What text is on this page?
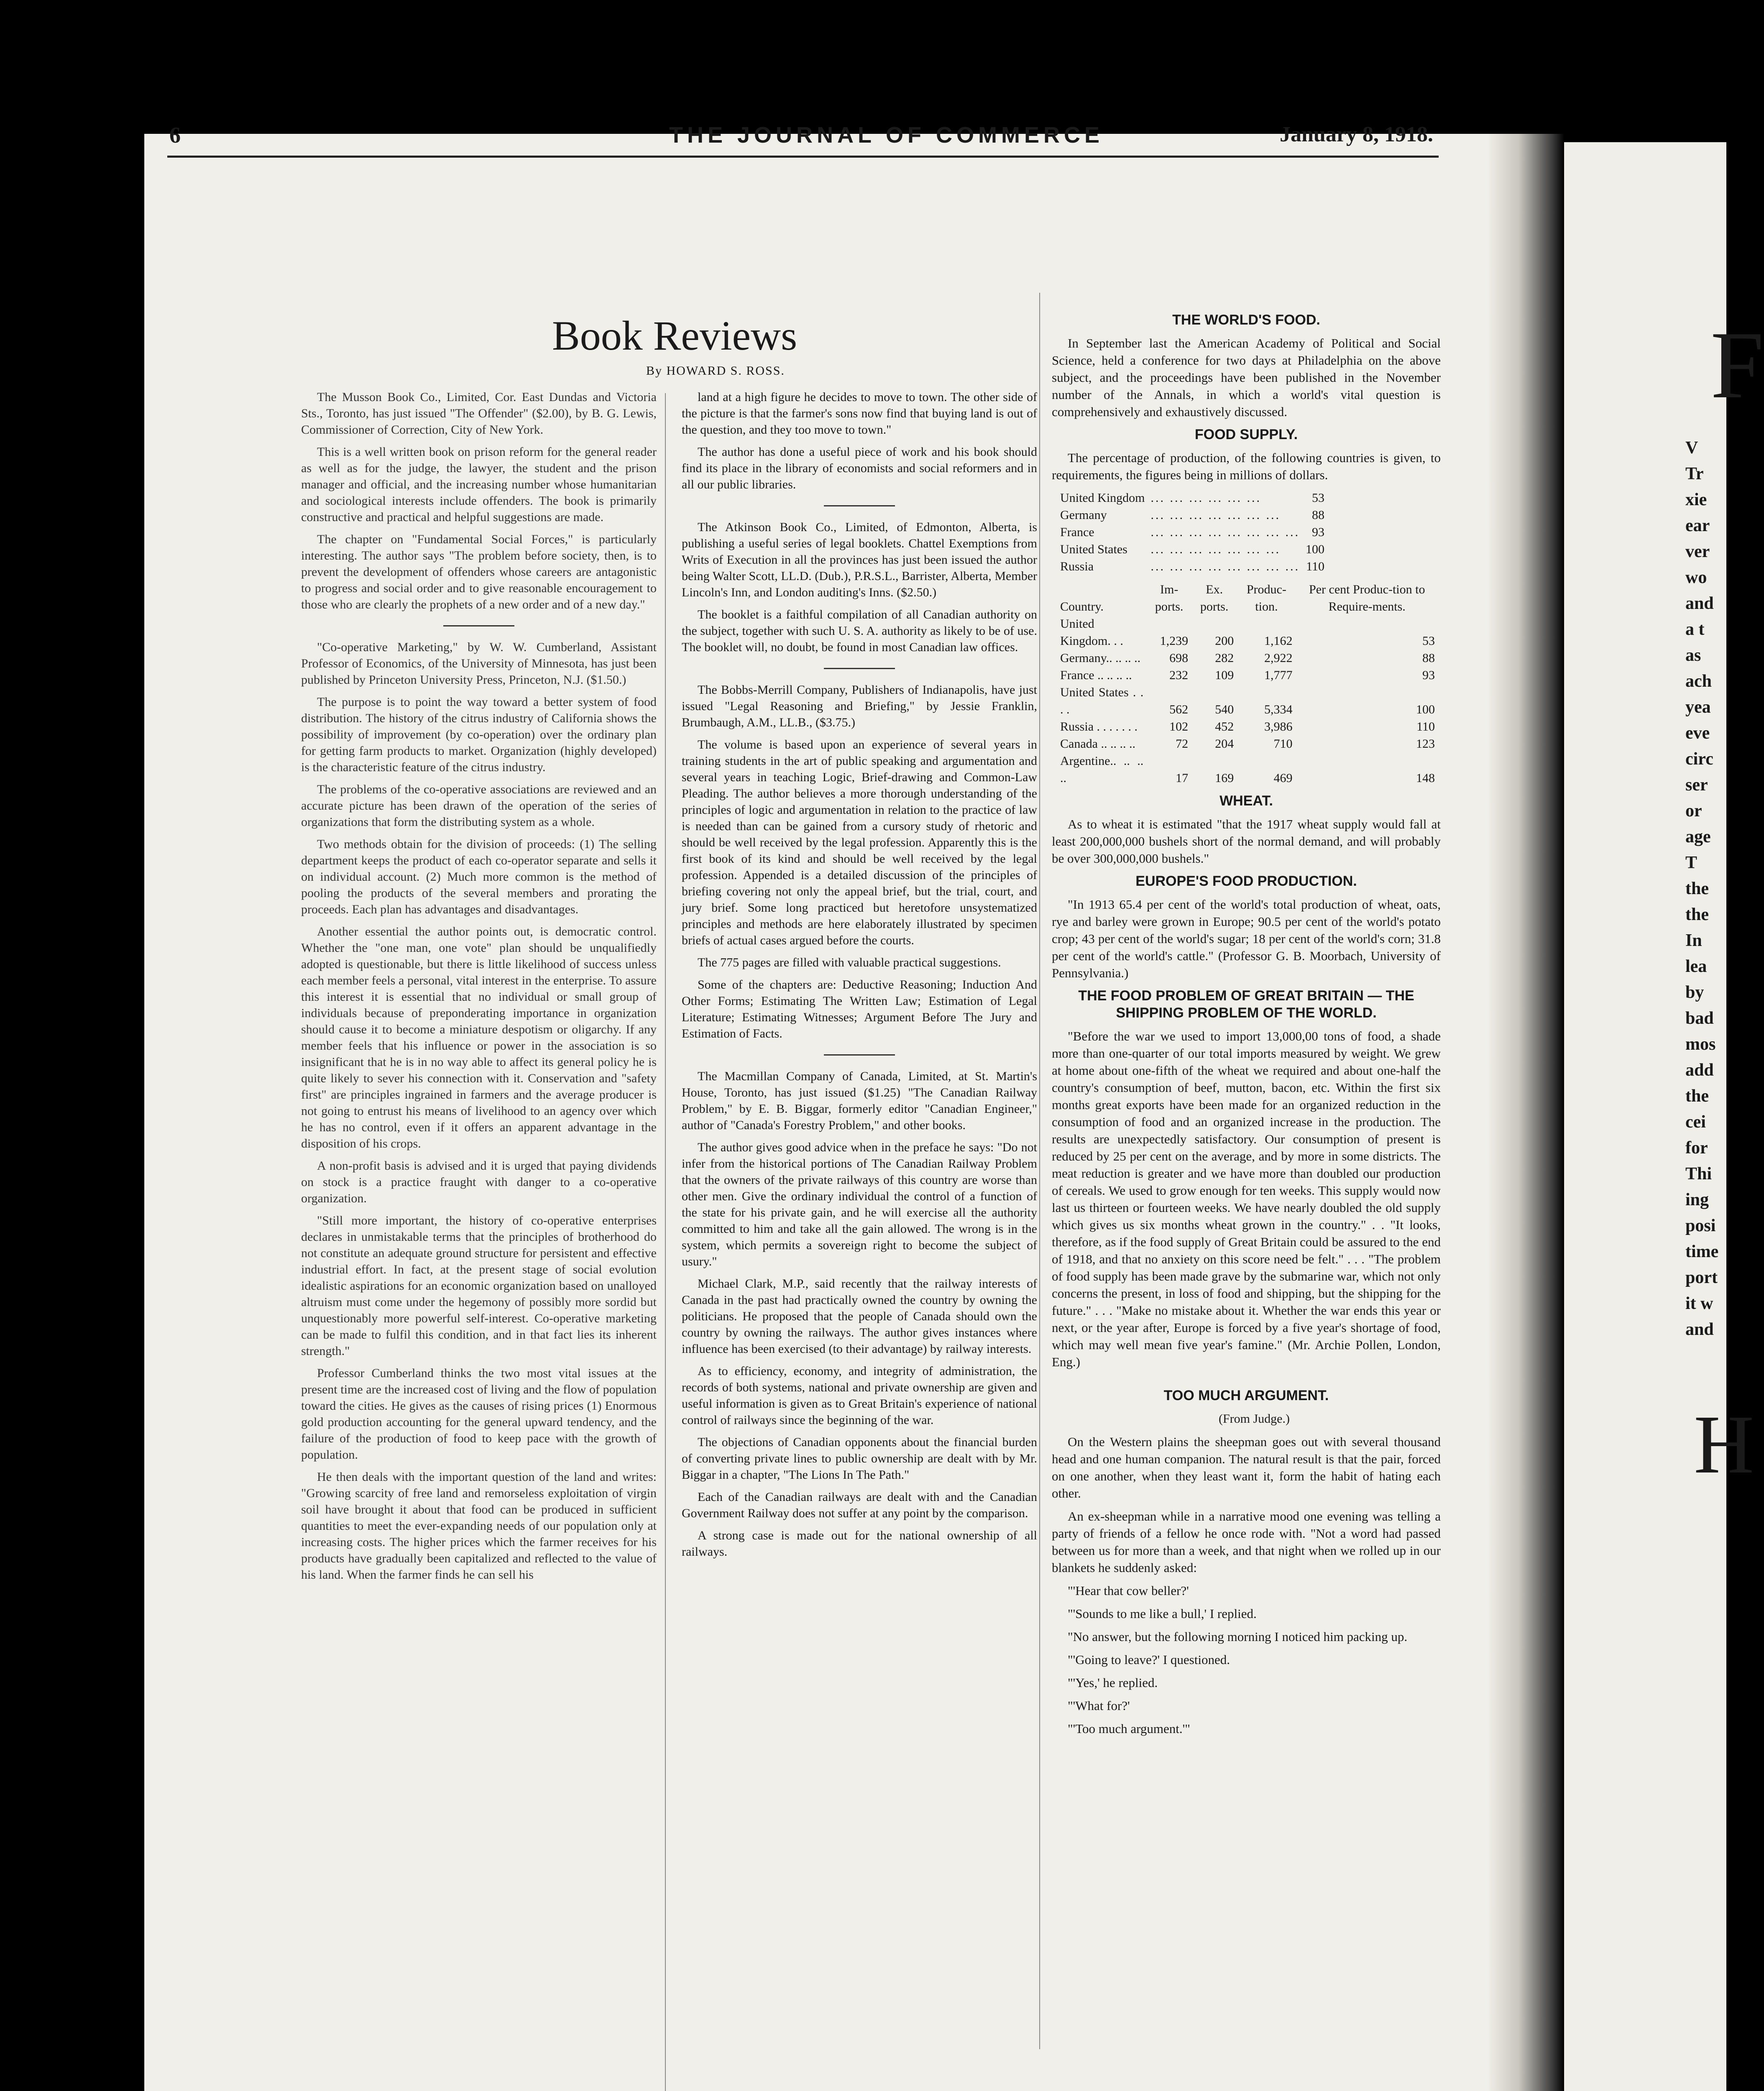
F
V
Tr
xie
ear
ver
wo
and
a t
as
ach
yea
eve
circ
ser
or
age
T
the
the
In
lea
by
bad
mos
add
the
cei
for
Thi
ing
posi
time
port
it w
and
H
6	THE JOURNAL OF COMMERCE	January 8, 1918.
Book Reviews
By HOWARD S. ROSS.

The Musson Book Co., Limited, Cor. East Dundas and Victoria Sts., Toronto, has just issued "The Offender" ($2.00), by B. G. Lewis, Commissioner of Correction, City of New York.

This is a well written book on prison reform for the general reader as well as for the judge, the lawyer, the student and the prison manager and official, and the increasing number whose humanitarian and sociological interests include offenders. The book is primarily constructive and practical and helpful suggestions are made.

The chapter on "Fundamental Social Forces," is particularly interesting. The author says "The problem before society, then, is to prevent the development of offenders whose careers are antagonistic to progress and social order and to give reasonable encouragement to those who are clearly the prophets of a new order and of a new day."

"Co-operative Marketing," by W. W. Cumberland, Assistant Professor of Economics, of the University of Minnesota, has just been published by Princeton University Press, Princeton, N.J. ($1.50.)

The purpose is to point the way toward a better system of food distribution. The history of the citrus industry of California shows the possibility of improvement (by co-operation) over the ordinary plan for getting farm products to market. Organization (highly developed) is the characteristic feature of the citrus industry.

The problems of the co-operative associations are reviewed and an accurate picture has been drawn of the operation of the series of organizations that form the distributing system as a whole.

Two methods obtain for the division of proceeds: (1) The selling department keeps the product of each co-operator separate and sells it on individual account. (2) Much more common is the method of pooling the products of the several members and prorating the proceeds. Each plan has advantages and disadvantages.

Another essential the author points out, is democratic control. Whether the "one man, one vote" plan should be unqualifiedly adopted is questionable, but there is little likelihood of success unless each member feels a personal, vital interest in the enterprise. To assure this interest it is essential that no individual or small group of individuals because of preponderating importance in organization should cause it to become a miniature despotism or oligarchy. If any member feels that his influence or power in the association is so insignificant that he is in no way able to affect its general policy he is quite likely to sever his connection with it. Conservation and "safety first" are principles ingrained in farmers and the average producer is not going to entrust his means of livelihood to an agency over which he has no control, even if it offers an apparent advantage in the disposition of his crops.

A non-profit basis is advised and it is urged that paying dividends on stock is a practice fraught with danger to a co-operative organization.

"Still more important, the history of co-operative enterprises declares in unmistakable terms that the principles of brotherhood do not constitute an adequate ground structure for persistent and effective industrial effort. In fact, at the present stage of social evolution idealistic aspirations for an economic organization based on unalloyed altruism must come under the hegemony of possibly more sordid but unquestionably more powerful self-interest. Co-operative marketing can be made to fulfil this condition, and in that fact lies its inherent strength."

Professor Cumberland thinks the two most vital issues at the present time are the increased cost of living and the flow of population toward the cities. He gives as the causes of rising prices (1) Enormous gold production accounting for the general upward tendency, and the failure of the production of food to keep pace with the growth of population.

He then deals with the important question of the land and writes: "Growing scarcity of free land and remorseless exploitation of virgin soil have brought it about that food can be produced in sufficient quantities to meet the ever-expanding needs of our population only at increasing costs. The higher prices which the farmer receives for his products have gradually been capitalized and reflected to the value of his land. When the farmer finds he can sell his

land at a high figure he decides to move to town. The other side of the picture is that the farmer's sons now find that buying land is out of the question, and they too move to town."

The author has done a useful piece of work and his book should find its place in the library of economists and social reformers and in all our public libraries.

The Atkinson Book Co., Limited, of Edmonton, Alberta, is publishing a useful series of legal booklets. Chattel Exemptions from Writs of Execution in all the provinces has just been issued the author being Walter Scott, LL.D. (Dub.), P.R.S.L., Barrister, Alberta, Member Lincoln's Inn, and London auditing's Inns. ($2.50.)

The booklet is a faithful compilation of all Canadian authority on the subject, together with such U. S. A. authority as likely to be of use. The booklet will, no doubt, be found in most Canadian law offices.

The Bobbs-Merrill Company, Publishers of Indianapolis, have just issued "Legal Reasoning and Briefing," by Jessie Franklin, Brumbaugh, A.M., LL.B., ($3.75.)

The volume is based upon an experience of several years in training students in the art of public speaking and argumentation and several years in teaching Logic, Brief-drawing and Common-Law Pleading. The author believes a more thorough understanding of the principles of logic and argumentation in relation to the practice of law is needed than can be gained from a cursory study of rhetoric and should be well received by the legal profession. Apparently this is the first book of its kind and should be well received by the legal profession. Appended is a detailed discussion of the principles of briefing covering not only the appeal brief, but the trial, court, and jury brief. Some long practiced but heretofore unsystematized principles and methods are here elaborately illustrated by specimen briefs of actual cases argued before the courts.

The 775 pages are filled with valuable practical suggestions.

Some of the chapters are: Deductive Reasoning; Induction And Other Forms; Estimating The Written Law; Estimation of Legal Literature; Estimating Witnesses; Argument Before The Jury and Estimation of Facts.

The Macmillan Company of Canada, Limited, at St. Martin's House, Toronto, has just issued ($1.25) "The Canadian Railway Problem," by E. B. Biggar, formerly editor "Canadian Engineer," author of "Canada's Forestry Problem," and other books.

The author gives good advice when in the preface he says: "Do not infer from the historical portions of The Canadian Railway Problem that the owners of the private railways of this country are worse than other men. Give the ordinary individual the control of a function of the state for his private gain, and he will exercise all the authority committed to him and take all the gain allowed. The wrong is in the system, which permits a sovereign right to become the subject of usury."

Michael Clark, M.P., said recently that the railway interests of Canada in the past had practically owned the country by owning the politicians. He proposed that the people of Canada should own the country by owning the railways. The author gives instances where influence has been exercised (to their advantage) by railway interests.

As to efficiency, economy, and integrity of administration, the records of both systems, national and private ownership are given and useful information is given as to Great Britain's experience of national control of railways since the beginning of the war.

The objections of Canadian opponents about the financial burden of converting private lines to public ownership are dealt with by Mr. Biggar in a chapter, "The Lions In The Path."

Each of the Canadian railways are dealt with and the Canadian Government Railway does not suffer at any point by the comparison.

A strong case is made out for the national ownership of all railways.

THE WORLD'S FOOD.

In September last the American Academy of Political and Social Science, held a conference for two days at Philadelphia on the above subject, and the proceedings have been published in the November number of the Annals, in which a world's vital question is comprehensively and exhaustively discussed.

FOOD SUPPLY.

The percentage of production, of the following countries is given, to requirements, the figures being in millions of dollars.

United Kingdom	... ... ... ... ... ...	53
Germany	... ... ... ... ... ... ...	88
France	... ... ... ... ... ... ... ...	93
United States	... ... ... ... ... ... ...	100
Russia	... ... ... ... ... ... ... ...	110
Country.	Im-ports.	Ex. ports.	Produc-tion.	Per cent Produc-tion to Require-ments.
United Kingdom. . .	1,239	200	1,162	53
Germany.. .. .. ..	698	282	2,922	88
France .. .. .. ..	232	109	1,777	93
United States . . . .	562	540	5,334	100
Russia . . . . . . .	102	452	3,986	110
Canada .. .. .. ..	72	204	710	123
Argentine.. .. .. ..	17	169	469	148

WHEAT.

As to wheat it is estimated "that the 1917 wheat supply would fall at least 200,000,000 bushels short of the normal demand, and will probably be over 300,000,000 bushels."

EUROPE'S FOOD PRODUCTION.

"In 1913 65.4 per cent of the world's total production of wheat, oats, rye and barley were grown in Europe; 90.5 per cent of the world's potato crop; 43 per cent of the world's sugar; 18 per cent of the world's corn; 31.8 per cent of the world's cattle." (Professor G. B. Moorbach, University of Pennsylvania.)

THE FOOD PROBLEM OF GREAT BRITAIN — THE SHIPPING PROBLEM OF THE WORLD.

"Before the war we used to import 13,000,00 tons of food, a shade more than one-quarter of our total imports measured by weight. We grew at home about one-fifth of the wheat we required and about one-half the country's consumption of beef, mutton, bacon, etc. Within the first six months great exports have been made for an organized reduction in the consumption of food and an organized increase in the production. The results are unexpectedly satisfactory. Our consumption of present is reduced by 25 per cent on the average, and by more in some districts. The meat reduction is greater and we have more than doubled our production of cereals. We used to grow enough for ten weeks. This supply would now last us thirteen or fourteen weeks. We have nearly doubled the old supply which gives us six months wheat grown in the country." . . "It looks, therefore, as if the food supply of Great Britain could be assured to the end of 1918, and that no anxiety on this score need be felt." . . . "The problem of food supply has been made grave by the submarine war, which not only concerns the present, in loss of food and shipping, but the shipping for the future." . . . "Make no mistake about it. Whether the war ends this year or next, or the year after, Europe is forced by a five year's shortage of food, which may well mean five year's famine." (Mr. Archie Pollen, London, Eng.)

TOO MUCH ARGUMENT.

(From Judge.)

On the Western plains the sheepman goes out with several thousand head and one human companion. The natural result is that the pair, forced on one another, when they least want it, form the habit of hating each other.

An ex-sheepman while in a narrative mood one evening was telling a party of friends of a fellow he once rode with. "Not a word had passed between us for more than a week, and that night when we rolled up in our blankets he suddenly asked:

"'Hear that cow beller?'

"'Sounds to me like a bull,' I replied.

"No answer, but the following morning I noticed him packing up.

"'Going to leave?' I questioned.

"'Yes,' he replied.

"'What for?'

"'Too much argument.'"
